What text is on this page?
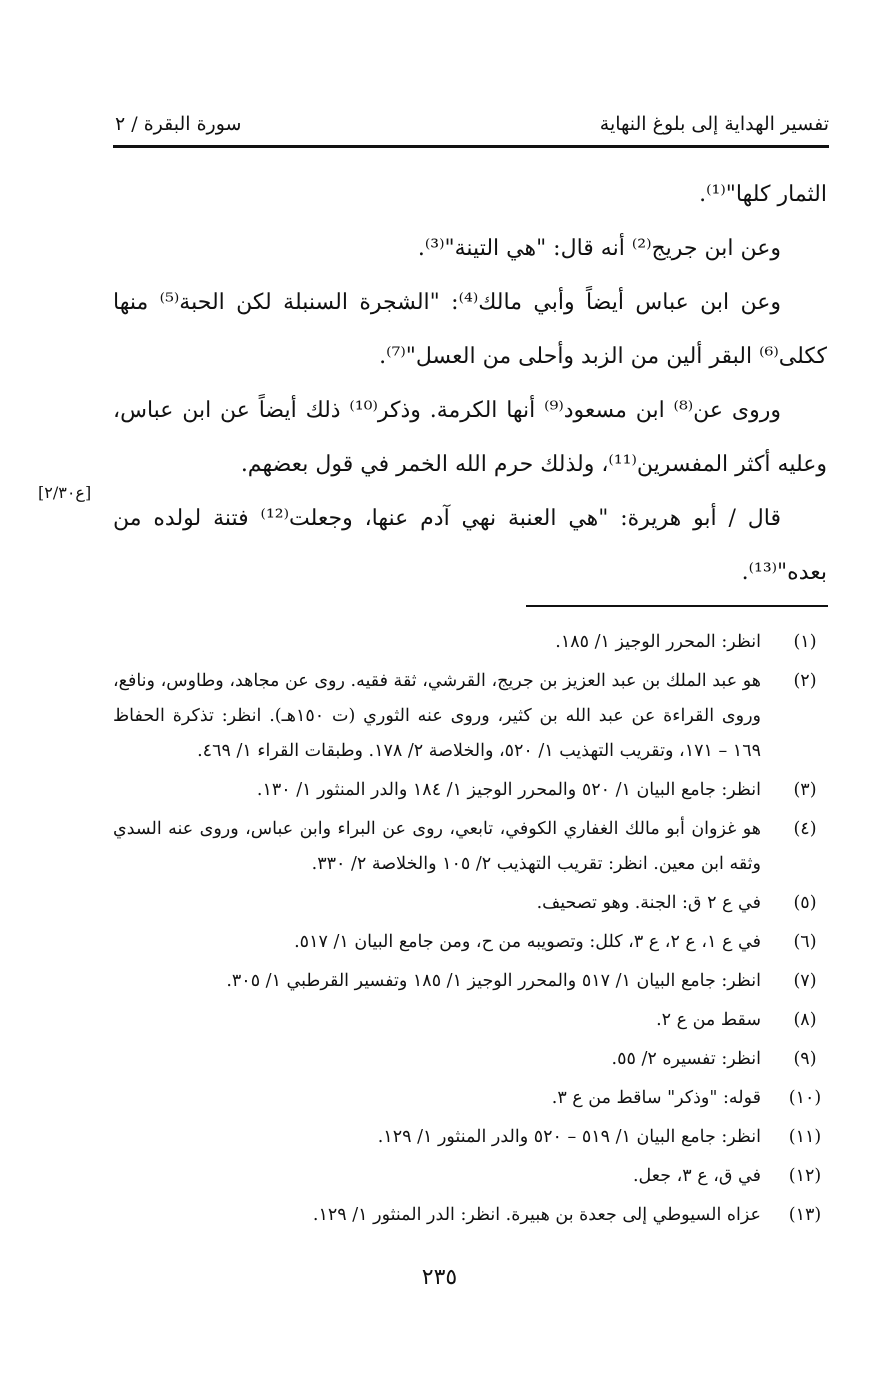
تفسير الهداية إلى بلوغ النهاية
سورة البقرة / ٢

الثمار كلها"⁽¹⁾.

وعن ابن جريج⁽²⁾ أنه قال: "هي التينة"⁽³⁾.

وعن ابن عباس أيضاً وأبي مالك⁽⁴⁾: "الشجرة السنبلة لكن الحبة⁽⁵⁾ منها ككلى⁽⁶⁾ البقر ألين من الزبد وأحلى من العسل"⁽⁷⁾.

وروى عن⁽⁸⁾ ابن مسعود⁽⁹⁾ أنها الكرمة. وذكر⁽¹⁰⁾ ذلك أيضاً عن ابن عباس، وعليه أكثر المفسرين⁽¹¹⁾، ولذلك حرم الله الخمر في قول بعضهم.

قال / أبو هريرة: "هي العنبة نهي آدم عنها، وجعلت⁽¹²⁾ فتنة لولده من بعده"⁽¹³⁾.

[ع٢/٣٠]
(١)
انظر: المحرر الوجيز ١/ ١٨٥.
(٢)
هو عبد الملك بن عبد العزيز بن جريج، القرشي، ثقة فقيه. روى عن مجاهد، وطاوس، ونافع، وروى القراءة عن عبد الله بن كثير، وروى عنه الثوري (ت ١٥٠هـ). انظر: تذكرة الحفاظ ١٦٩ – ١٧١، وتقريب التهذيب ١/ ٥٢٠، والخلاصة ٢/ ١٧٨. وطبقات القراء ١/ ٤٦٩.
(٣)
انظر: جامع البيان ١/ ٥٢٠ والمحرر الوجيز ١/ ١٨٤ والدر المنثور ١/ ١٣٠.
(٤)
هو غزوان أبو مالك الغفاري الكوفي، تابعي، روى عن البراء وابن عباس، وروى عنه السدي وثقه ابن معين. انظر: تقريب التهذيب ٢/ ١٠٥ والخلاصة ٢/ ٣٣٠.
(٥)
في ع ٢ ق: الجنة. وهو تصحيف.
(٦)
في ع ١، ع ٢، ع ٣، كلل: وتصويبه من ح، ومن جامع البيان ١/ ٥١٧.
(٧)
انظر: جامع البيان ١/ ٥١٧ والمحرر الوجيز ١/ ١٨٥ وتفسير القرطبي ١/ ٣٠٥.
(٨)
سقط من ع ٢.
(٩)
انظر: تفسيره ٢/ ٥٥.
(١٠)
قوله: "وذكر" ساقط من ع ٣.
(١١)
انظر: جامع البيان ١/ ٥١٩ – ٥٢٠ والدر المنثور ١/ ١٢٩.
(١٢)
في ق، ع ٣، جعل.
(١٣)
عزاه السيوطي إلى جعدة بن هبيرة. انظر: الدر المنثور ١/ ١٢٩.
٢٣٥
